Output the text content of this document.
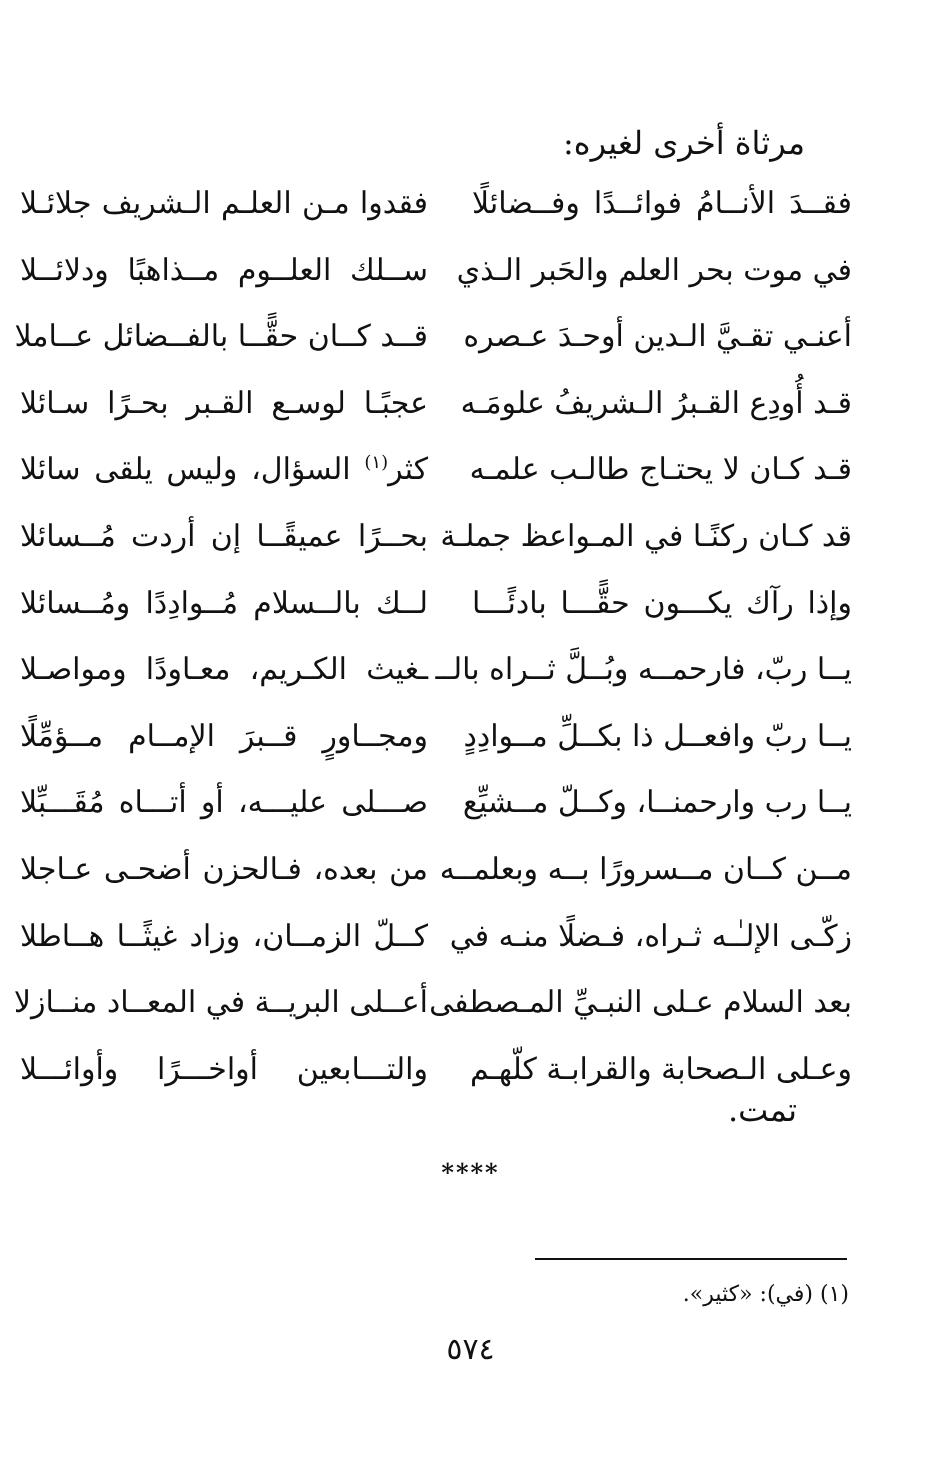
مرثاة أخرى لغيره:
فقــدَ الأنــامُ فوائــدًا وفــضائلًا
فقدوا مـن العلـم الـشريف جلائـلا
في موت بحر العلم والحَبر الـذي
ســلك العلــوم مــذاهبًا ودلائــلا
أعنـي تقـيَّ الـدين أوحـدَ عـصره
قــد كــان حقًّــا بالفــضائل عــاملا
قـد أُودِع القـبرُ الـشريفُ علومَـه
عجبًـا لوسـع القـبر بحـرًا سـائلا
قـد كـان لا يحتـاج طالـب علمـه
كثر$^{(١)}$ السؤال، وليس يلقى سائلا
قد كـان ركنًـا في المـواعظ جملـة
بحــرًا عميقًــا إن أردت مُــسائلا
وإذا رآك يكـــون حقًّـــا بادئًـــا
لــك بالــسلام مُــوادِدًا ومُــسائلا
يــا ربّ، فارحمــه وبُــلَّ ثــراه بالــ
ـغيث الكـريم، معـاودًا ومواصـلا
يــا ربّ وافعــل ذا بكــلِّ مــوادِدٍ
ومجــاورٍ قــبرَ الإمــام مــؤمِّلًا
يــا رب وارحمنــا، وكــلّ مــشيِّع
صـــلى عليـــه، أو أتـــاه مُقَـــبِّلا
مــن كــان مــسرورًا بــه وبعلمــه
من بعده، فـالحزن أضحـى عـاجلا
زكّـى الإلـٰـه ثـراه، فـضلًا منـه في
كــلّ الزمــان، وزاد غيثًــا هــاطلا
بعد السلام عـلى النبـيِّ المـصطفى
أعــلى البريــة في المعــاد منــازلا
وعـلى الـصحابة والقرابـة كلّهـم
والتـــابعين أواخـــرًا وأوائـــلا
تمت.
****
(١) (في): «كثير».
٥٧٤
